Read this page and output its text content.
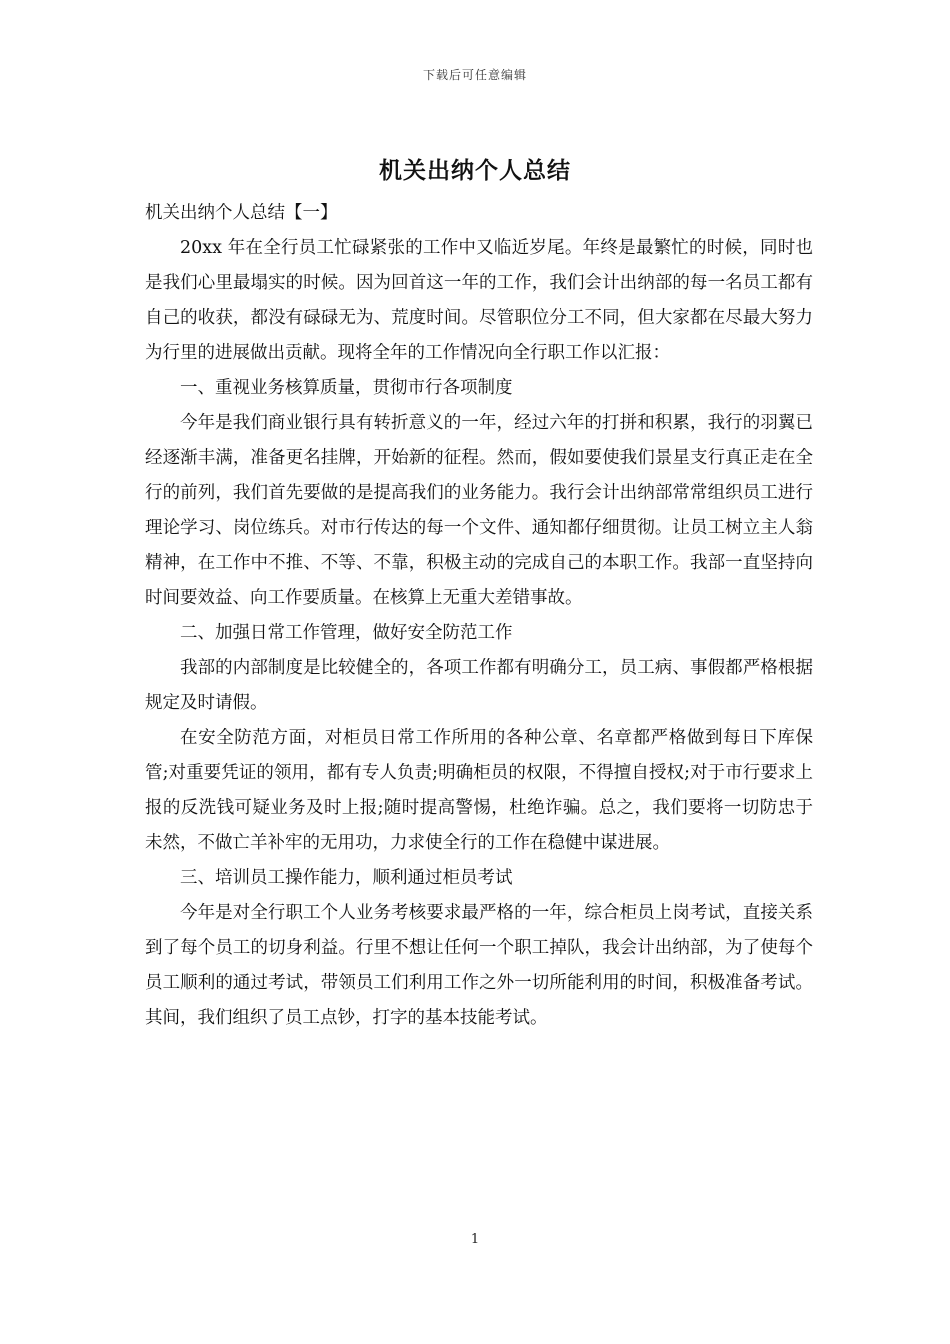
下载后可任意编辑
机关出纳个人总结

机关出纳个人总结【一】

20xx 年在全行员工忙碌紧张的工作中又临近岁尾。年终是最繁忙的时候，同时也是我们心里最塌实的时候。因为回首这一年的工作，我们会计出纳部的每一名员工都有自己的收获，都没有碌碌无为、荒度时间。尽管职位分工不同，但大家都在尽最大努力为行里的进展做出贡献。现将全年的工作情况向全行职工作以汇报：

一、重视业务核算质量，贯彻市行各项制度

今年是我们商业银行具有转折意义的一年，经过六年的打拼和积累，我行的羽翼已经逐渐丰满，准备更名挂牌，开始新的征程。然而，假如要使我们景星支行真正走在全行的前列，我们首先要做的是提高我们的业务能力。我行会计出纳部常常组织员工进行理论学习、岗位练兵。对市行传达的每一个文件、通知都仔细贯彻。让员工树立主人翁精神，在工作中不推、不等、不靠，积极主动的完成自己的本职工作。我部一直坚持向时间要效益、向工作要质量。在核算上无重大差错事故。

二、加强日常工作管理，做好安全防范工作

我部的内部制度是比较健全的，各项工作都有明确分工，员工病、事假都严格根据规定及时请假。

在安全防范方面，对柜员日常工作所用的各种公章、名章都严格做到每日下库保管;对重要凭证的领用，都有专人负责;明确柜员的权限，不得擅自授权;对于市行要求上报的反洗钱可疑业务及时上报;随时提高警惕，杜绝诈骗。总之，我们要将一切防忠于未然，不做亡羊补牢的无用功，力求使全行的工作在稳健中谋进展。

三、培训员工操作能力，顺利通过柜员考试

今年是对全行职工个人业务考核要求最严格的一年，综合柜员上岗考试，直接关系到了每个员工的切身利益。行里不想让任何一个职工掉队，我会计出纳部，为了使每个员工顺利的通过考试，带领员工们利用工作之外一切所能利用的时间，积极准备考试。其间，我们组织了员工点钞，打字的基本技能考试。

1
